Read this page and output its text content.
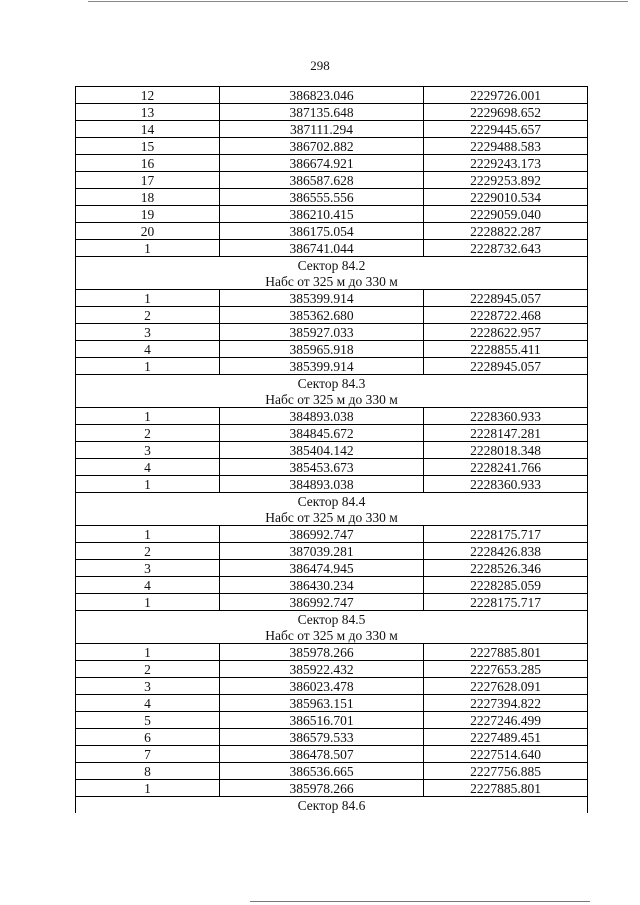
298
12	386823.046	2229726.001
13	387135.648	2229698.652
14	387111.294	2229445.657
15	386702.882	2229488.583
16	386674.921	2229243.173
17	386587.628	2229253.892
18	386555.556	2229010.534
19	386210.415	2229059.040
20	386175.054	2228822.287
1	386741.044	2228732.643
Сектор 84.2		
Набс от 325 м до 330 м		
1	385399.914	2228945.057
2	385362.680	2228722.468
3	385927.033	2228622.957
4	385965.918	2228855.411
1	385399.914	2228945.057
Сектор 84.3		
Набс от 325 м до 330 м		
1	384893.038	2228360.933
2	384845.672	2228147.281
3	385404.142	2228018.348
4	385453.673	2228241.766
1	384893.038	2228360.933
Сектор 84.4		
Набс от 325 м до 330 м		
1	386992.747	2228175.717
2	387039.281	2228426.838
3	386474.945	2228526.346
4	386430.234	2228285.059
1	386992.747	2228175.717
Сектор 84.5		
Набс от 325 м до 330 м		
1	385978.266	2227885.801
2	385922.432	2227653.285
3	386023.478	2227628.091
4	385963.151	2227394.822
5	386516.701	2227246.499
6	386579.533	2227489.451
7	386478.507	2227514.640
8	386536.665	2227756.885
1	385978.266	2227885.801
Сектор 84.6		
